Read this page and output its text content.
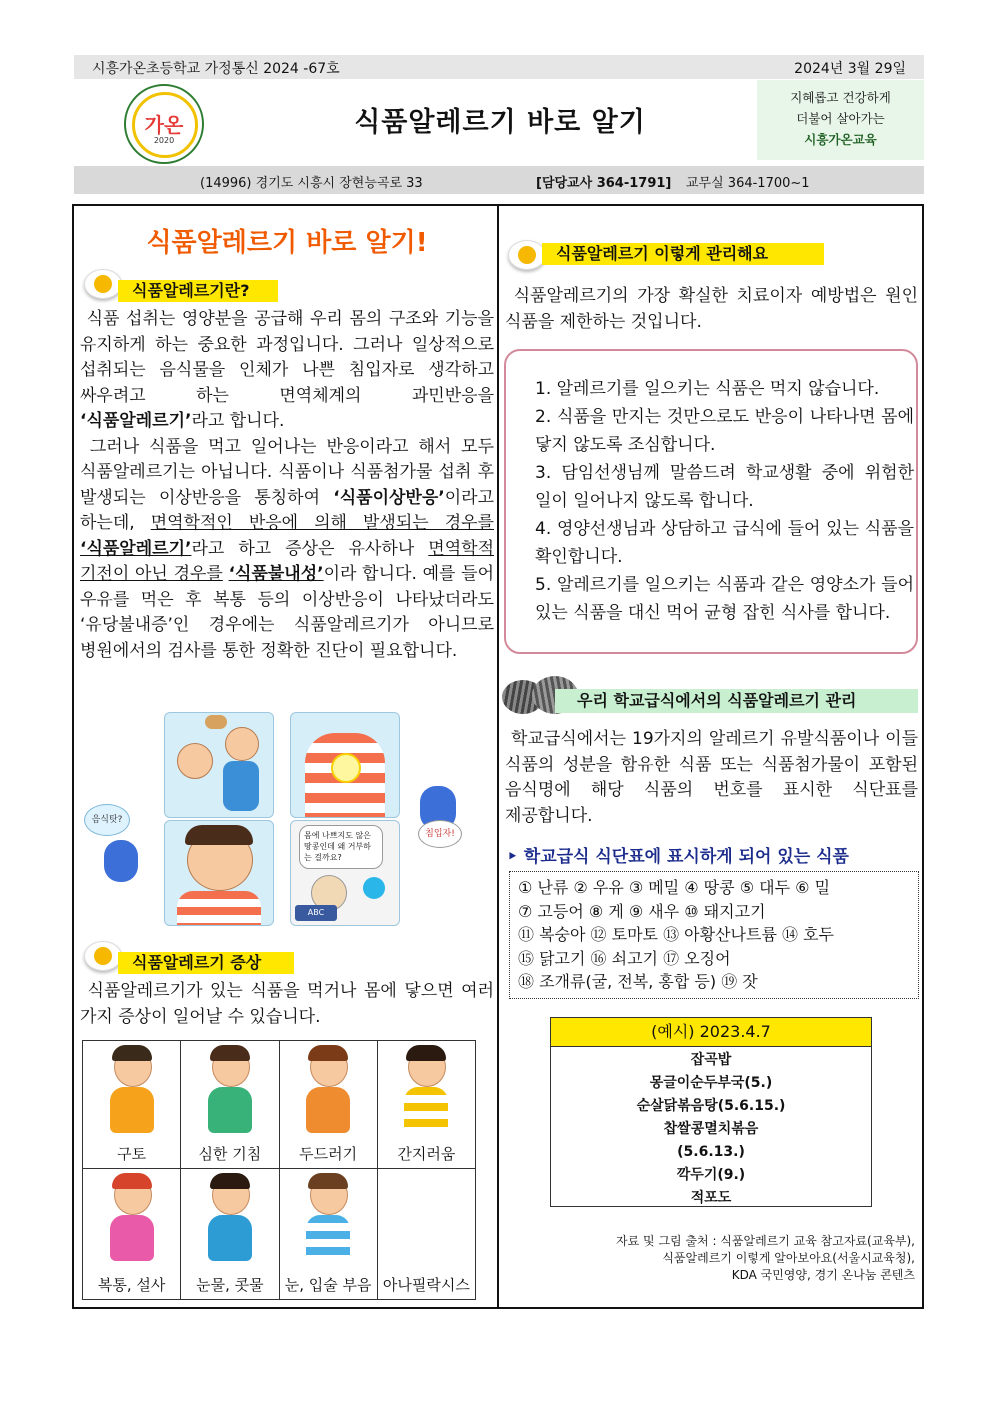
시흥가온초등학교 가정통신 2024 -67호	2024년 3월 29일
가온
2020
식품알레르기 바로 알기
지혜롭고 건강하게
더불어 살아가는
시흥가온교육
(14996) 경기도 시흥시 장현능곡로 33	[담당교사 364-1791] 교무실 364-1700~1
식품알레르기 바로 알기!
식품알레르기란?
식품 섭취는 영양분을 공급해 우리 몸의 구조와 기능을 유지하게 하는 중요한 과정입니다. 그러나 일상적으로 섭취되는 음식물을 인체가 나쁜 침입자로 생각하고 싸우려고 하는 면역체계의 과민반응을 ‘식품알레르기’라고 합니다.
그러나 식품을 먹고 일어나는 반응이라고 해서 모두 식품알레르기는 아닙니다. 식품이나 식품첨가물 섭취 후 발생되는 이상반응을 통칭하여 ‘식품이상반응’이라고 하는데, 면역학적인 반응에 의해 발생되는 경우를 ‘식품알레르기’라고 하고 증상은 유사하나 면역학적 기전이 아닌 경우를 ‘식품불내성’이라 합니다. 예를 들어 우유를 먹은 후 복통 등의 이상반응이 나타났더라도 ‘유당불내증’인 경우에는 식품알레르기가 아니므로 병원에서의 검사를 통한 정확한 진단이 필요합니다.
몸에 나쁘지도 않은 땅콩인데 왜 거부하는 걸까요?
ABC
음식탓?
침입자!
식품알레르기 증상
식품알레르기가 있는 식품을 먹거나 몸에 닿으면 여러 가지 증상이 일어날 수 있습니다.
구토	심한 기침	두드러기	간지러움

복통, 설사	눈물, 콧물	눈, 입술 부음	아나필락시스
식품알레르기 이렇게 관리해요
식품알레르기의 가장 확실한 치료이자 예방법은 원인 식품을 제한하는 것입니다.
1. 알레르기를 일으키는 식품은 먹지 않습니다.
2. 식품을 만지는 것만으로도 반응이 나타나면 몸에 닿지 않도록 조심합니다.
3. 담임선생님께 말씀드려 학교생활 중에 위험한 일이 일어나지 않도록 합니다.
4. 영양선생님과 상담하고 급식에 들어 있는 식품을 확인합니다.
5. 알레르기를 일으키는 식품과 같은 영양소가 들어 있는 식품을 대신 먹어 균형 잡힌 식사를 합니다.
우리 학교급식에서의 식품알레르기 관리
학교급식에서는 19가지의 알레르기 유발식품이나 이들 식품의 성분을 함유한 식품 또는 식품첨가물이 포함된 음식명에 해당 식품의 번호를 표시한 식단표를 제공합니다.
‣ 학교급식 식단표에 표시하게 되어 있는 식품
① 난류 ② 우유 ③ 메밀 ④ 땅콩 ⑤ 대두 ⑥ 밀
⑦ 고등어 ⑧ 게 ⑨ 새우 ⑩ 돼지고기
⑪ 복숭아 ⑫ 토마토 ⑬ 아황산나트륨 ⑭ 호두
⑮ 닭고기 ⑯ 쇠고기 ⑰ 오징어
⑱ 조개류(굴, 전복, 홍합 등) ⑲ 잣
(예시) 2023.4.7
잡곡밥
몽글이순두부국(5.)
순살닭볶음탕(5.6.15.)
찹쌀콩멸치볶음
(5.6.13.)
깍두기(9.)
적포도
자료 및 그림 출처 : 식품알레르기 교육 참고자료(교육부),
식품알레르기 이렇게 알아보아요(서울시교육청),
KDA 국민영양, 경기 온나눔 콘텐츠
